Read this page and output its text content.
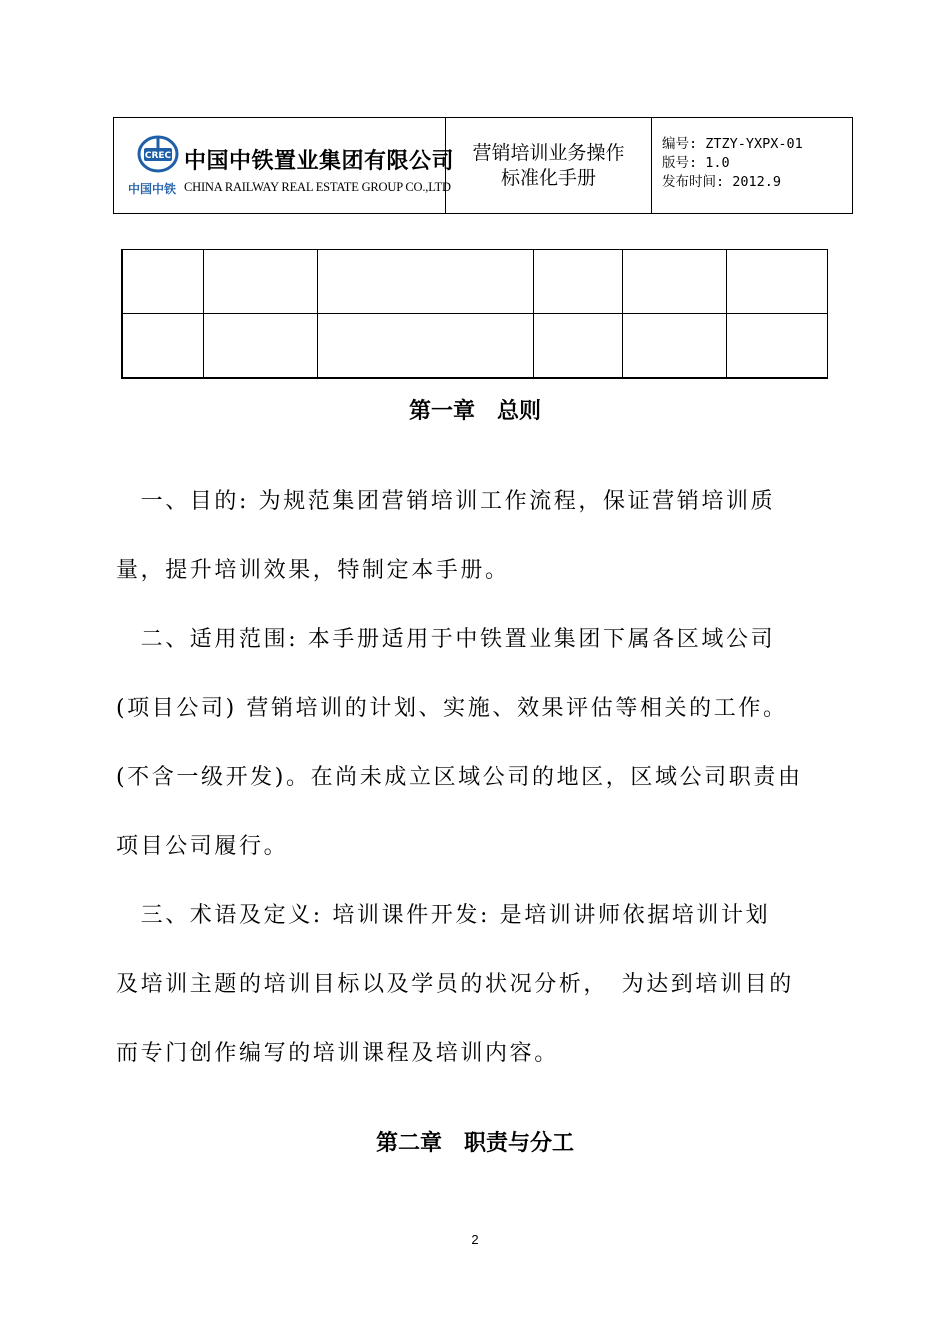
CREC 中国中铁置业集团有限公司
中国中铁 CHINA RAILWAY REAL ESTATE GROUP CO.,LTD
营销培训业务操作
标准化手册
编号: ZTZY-YXPX-01
版号: 1.0
发布时间: 2012.9

第一章　总则
　一、目的: 为规范集团营销培训工作流程，保证营销培训质
量，提升培训效果，特制定本手册。
　二、适用范围: 本手册适用于中铁置业集团下属各区域公司
(项目公司) 营销培训的计划、实施、效果评估等相关的工作。
(不含一级开发)。在尚未成立区域公司的地区，区域公司职责由
项目公司履行。
　三、术语及定义: 培训课件开发: 是培训讲师依据培训计划
及培训主题的培训目标以及学员的状况分析，　为达到培训目的
而专门创作编写的培训课程及培训内容。
第二章　职责与分工
2
